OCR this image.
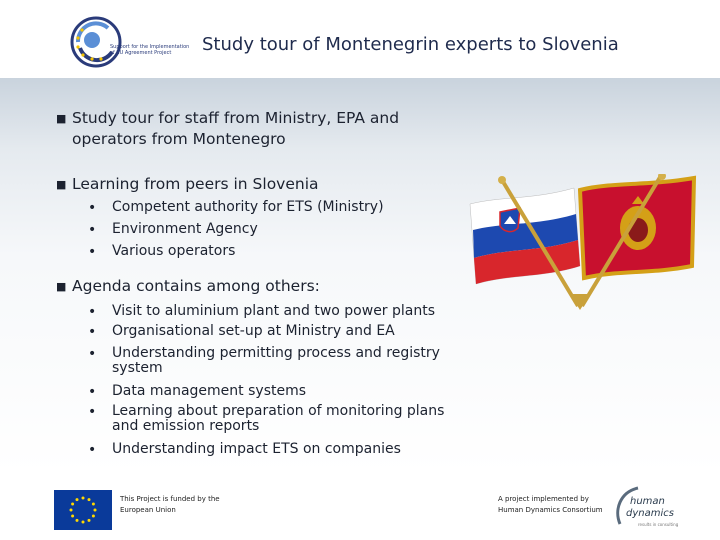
Support for the Implementation of EU Agreement Project	Study tour of Montenegrin experts to Slovenia
■ Study tour for staff from Ministry, EPA and operators from Montenegro
■ Learning from peers in Slovenia
• Competent authority for ETS (Ministry)
• Environment Agency
• Various operators
■ Agenda contains among others:
• Visit to aluminium plant and two power plants
• Organisational set-up at Ministry and EA
• Understanding permitting process and registry system
• Data management systems
• Learning about preparation of monitoring plans and emission reports
• Understanding impact ETS on companies
This Project is funded by the European Union
A project implemented by Human Dynamics Consortium
human
dynamics
results in consulting
